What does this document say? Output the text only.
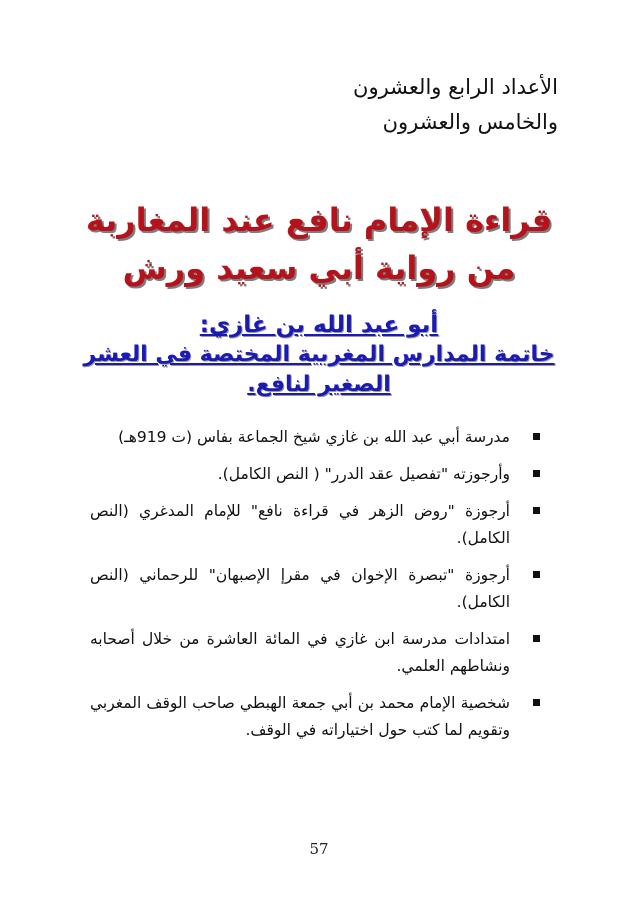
الأعداد الرابع والعشرون
والخامس والعشرون
قراءة الإمام نافع عند المغاربة
من رواية أبي سعيد ورش
أبو عبد الله بن غازي:
خاتمة المدارس المغربية المختصة في العشر
الصغير لنافع.
مدرسة أبي عبد الله بن غازي شيخ الجماعة بفاس (ت 919هـ)
وأرجوزته "تفصيل عقد الدرر" ( النص الكامل).
أرجوزة "روض الزهر في قراءة نافع" للإمام المدغري (النص الكامل).
أرجوزة "تبصرة الإخوان في مقرإ الإصبهان" للرحماني (النص الكامل).
امتدادات مدرسة ابن غازي في المائة العاشرة من خلال أصحابه ونشاطهم العلمي.
شخصية الإمام محمد بن أبي جمعة الهبطي صاحب الوقف المغربي وتقويم لما كتب حول اختياراته في الوقف.
57
